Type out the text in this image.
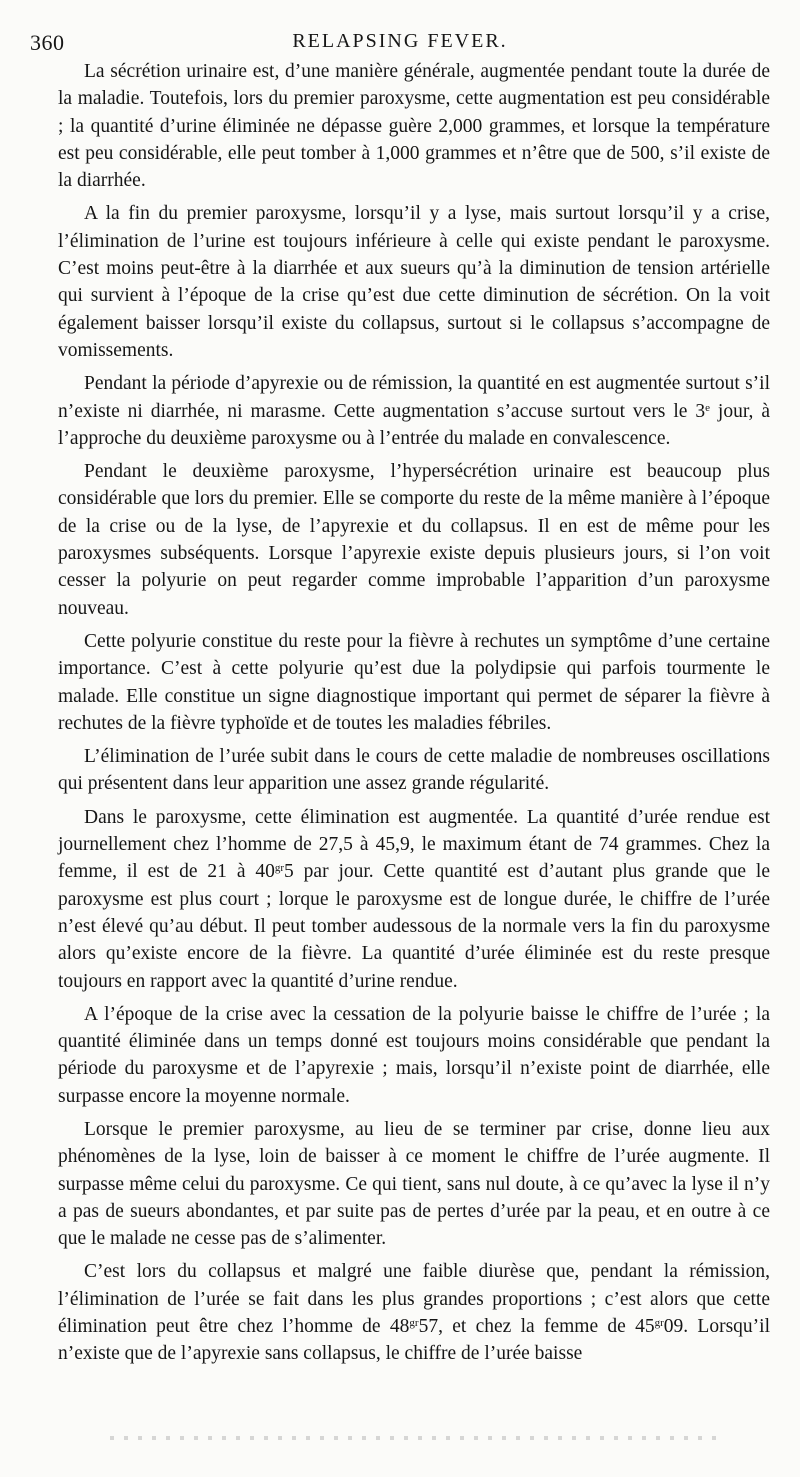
360	RELAPSING FEVER.

La sécrétion urinaire est, d’une manière générale, augmentée pendant toute la durée de la maladie. Toutefois, lors du premier paroxysme, cette augmentation est peu considérable ; la quantité d’urine éliminée ne dépasse guère 2,000 grammes, et lorsque la température est peu considérable, elle peut tomber à 1,000 grammes et n’être que de 500, s’il existe de la diarrhée.

A la fin du premier paroxysme, lorsqu’il y a lyse, mais surtout lorsqu’il y a crise, l’élimination de l’urine est toujours inférieure à celle qui existe pendant le paroxysme. C’est moins peut-être à la diarrhée et aux sueurs qu’à la diminution de tension artérielle qui survient à l’époque de la crise qu’est due cette diminution de sécrétion. On la voit également baisser lorsqu’il existe du collapsus, surtout si le collapsus s’accompagne de vomissements.

Pendant la période d’apyrexie ou de rémission, la quantité en est augmentée surtout s’il n’existe ni diarrhée, ni marasme. Cette augmentation s’accuse surtout vers le 3e jour, à l’approche du deuxième paroxysme ou à l’entrée du malade en convalescence.

Pendant le deuxième paroxysme, l’hypersécrétion urinaire est beaucoup plus considérable que lors du premier. Elle se comporte du reste de la même manière à l’époque de la crise ou de la lyse, de l’apyrexie et du collapsus. Il en est de même pour les paroxysmes subséquents. Lorsque l’apyrexie existe depuis plusieurs jours, si l’on voit cesser la polyurie on peut regarder comme improbable l’apparition d’un paroxysme nouveau.

Cette polyurie constitue du reste pour la fièvre à rechutes un symptôme d’une certaine importance. C’est à cette polyurie qu’est due la polydipsie qui parfois tourmente le malade. Elle constitue un signe diagnostique important qui permet de séparer la fièvre à rechutes de la fièvre typhoïde et de toutes les maladies fébriles.

L’élimination de l’urée subit dans le cours de cette maladie de nombreuses oscillations qui présentent dans leur apparition une assez grande régularité.

Dans le paroxysme, cette élimination est augmentée. La quantité d’urée rendue est journellement chez l’homme de 27,5 à 45,9, le maximum étant de 74 grammes. Chez la femme, il est de 21 à $40^{gr}5$ par jour. Cette quantité est d’autant plus grande que le paroxysme est plus court ; lorque le paroxysme est de longue durée, le chiffre de l’urée n’est élevé qu’au début. Il peut tomber audessous de la normale vers la fin du paroxysme alors qu’existe encore de la fièvre. La quantité d’urée éliminée est du reste presque toujours en rapport avec la quantité d’urine rendue.

A l’époque de la crise avec la cessation de la polyurie baisse le chiffre de l’urée ; la quantité éliminée dans un temps donné est toujours moins considérable que pendant la période du paroxysme et de l’apyrexie ; mais, lorsqu’il n’existe point de diarrhée, elle surpasse encore la moyenne normale.

Lorsque le premier paroxysme, au lieu de se terminer par crise, donne lieu aux phénomènes de la lyse, loin de baisser à ce moment le chiffre de l’urée augmente. Il surpasse même celui du paroxysme. Ce qui tient, sans nul doute, à ce qu’avec la lyse il n’y a pas de sueurs abondantes, et par suite pas de pertes d’urée par la peau, et en outre à ce que le malade ne cesse pas de s’alimenter.

C’est lors du collapsus et malgré une faible diurèse que, pendant la rémission, l’élimination de l’urée se fait dans les plus grandes proportions ; c’est alors que cette élimination peut être chez l’homme de $48^{gr}57$, et chez la femme de $45^{gr}09$. Lorsqu’il n’existe que de l’apyrexie sans collapsus, le chiffre de l’urée baisse
